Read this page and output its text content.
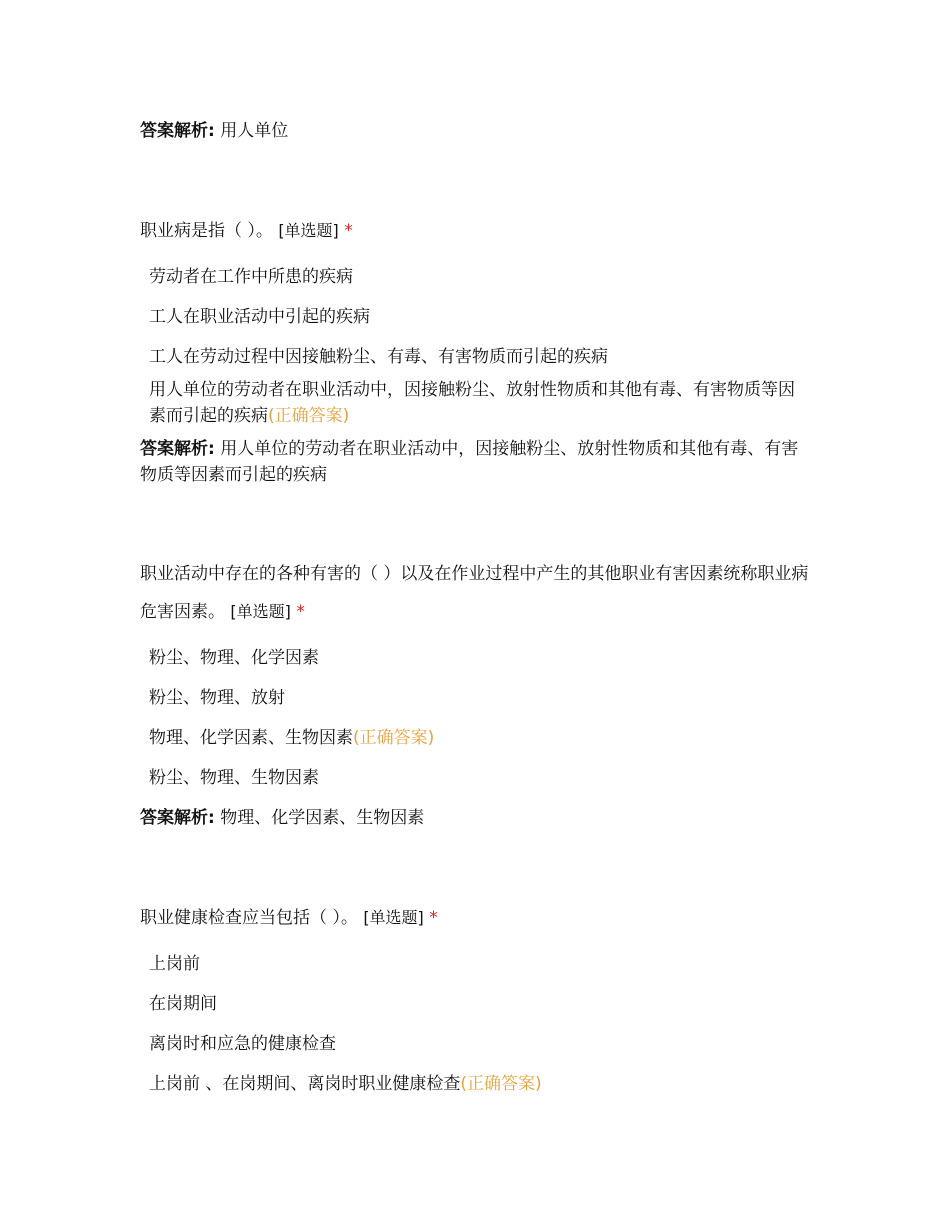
答案解析: 用人单位
职业病是指（ ）。 [单选题] *
劳动者在工作中所患的疾病
工人在职业活动中引起的疾病
工人在劳动过程中因接触粉尘、有毒、有害物质而引起的疾病
用人单位的劳动者在职业活动中，因接触粉尘、放射性物质和其他有毒、有害物质等因素而引起的疾病(正确答案)
答案解析: 用人单位的劳动者在职业活动中，因接触粉尘、放射性物质和其他有毒、有害物质等因素而引起的疾病
职业活动中存在的各种有害的（ ）以及在作业过程中产生的其他职业有害因素统称职业病危害因素。 [单选题] *
粉尘、物理、化学因素
粉尘、物理、放射
物理、化学因素、生物因素(正确答案)
粉尘、物理、生物因素
答案解析: 物理、化学因素、生物因素
职业健康检查应当包括（ ）。 [单选题] *
上岗前
在岗期间
离岗时和应急的健康检查
上岗前 、在岗期间、离岗时职业健康检查(正确答案)
